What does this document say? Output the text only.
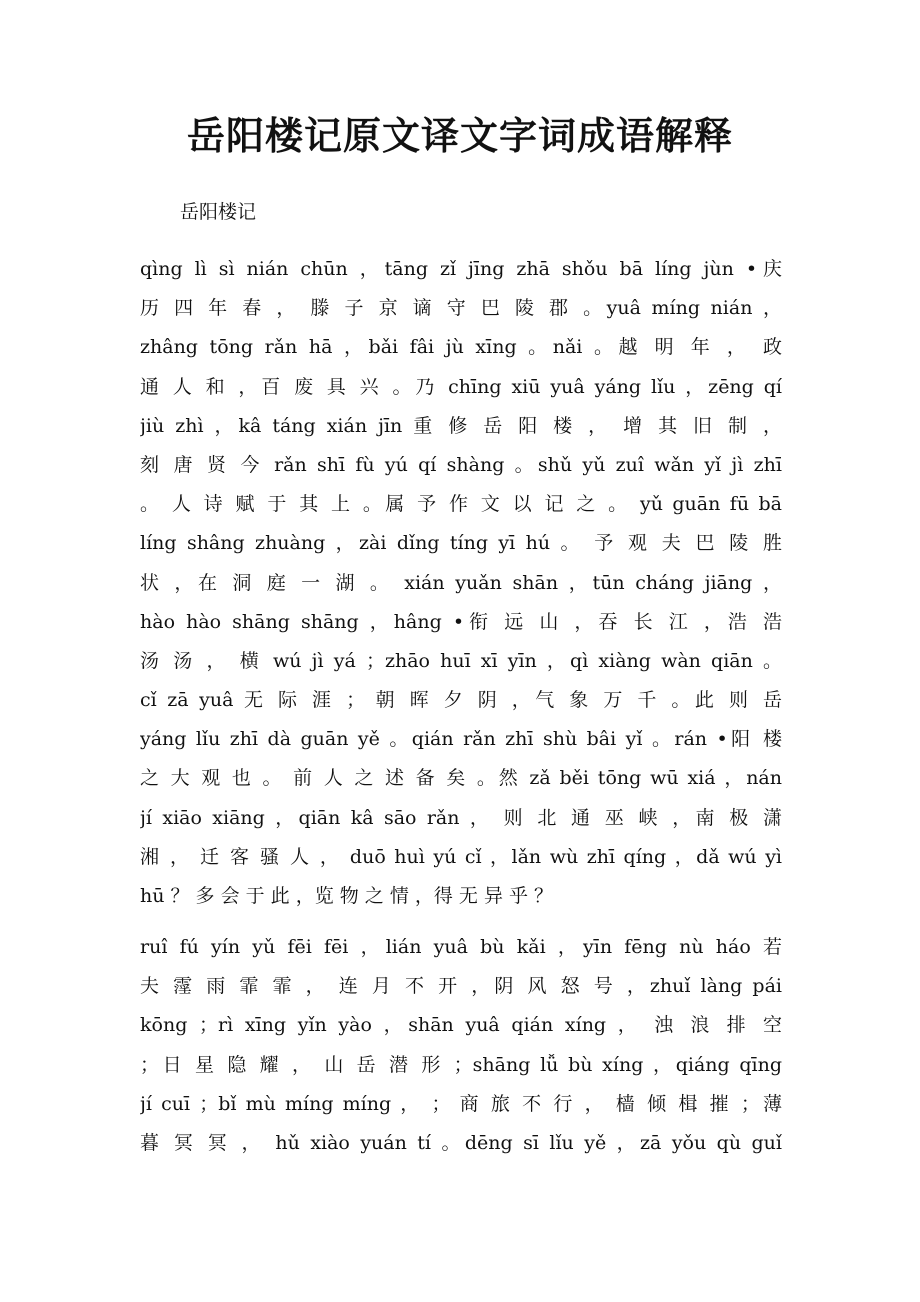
岳阳楼记原文译文字词成语解释
岳阳楼记
qìng lì sì nián chūn ，tāng zǐ jīng zhā shǒu bā líng jùn •庆
历 四 年 春 ， 滕 子 京 谪 守 巴 陵 郡 。yuâ míng nián ，
zhâng tōng rǎn hā ，bǎi fâi jù xīng 。nǎi 。越 明 年 ， 政
通 人 和 ，百 废 具 兴 。乃 chīng xiū yuâ yáng lǐu ，zēng qí
jiù zhì ，kâ táng xián jīn 重 修 岳 阳 楼 ， 增 其 旧 制 ，
刻 唐 贤 今 rǎn shī fù yú qí shàng 。shǔ yǔ zuî wǎn yǐ jì zhī
。 人 诗 赋 于 其 上 。属 予 作 文 以 记 之 。 yǔ guān fū bā
líng shâng zhuàng ，zài dǐng tíng yī hú 。 予 观 夫 巴 陵 胜
状 ，在 洞 庭 一 湖 。 xián yuǎn shān ，tūn cháng jiāng ，
hào hào shāng shāng ，hâng •衔 远 山 ，吞 长 江 ，浩 浩
汤 汤 ， 横 wú jì yá ；zhāo huī xī yīn ，qì xiàng wàn qiān 。
cǐ zā yuâ 无 际 涯 ； 朝 晖 夕 阴 ，气 象 万 千 。此 则 岳
yáng lǐu zhī dà guān yě 。qián rǎn zhī shù bâi yǐ 。rán •阳 楼
之 大 观 也 。 前 人 之 述 备 矣 。然 zǎ běi tōng wū xiá ，nán
jí xiāo xiāng ，qiān kâ sāo rǎn ， 则 北 通 巫 峡 ，南 极 潇
湘 ， 迁 客 骚 人 ， duō huì yú cǐ ，lǎn wù zhī qíng ，dǎ wú yì
hū ？ 多 会 于 此 ，览 物 之 情 ，得 无 异 乎 ？
ruî fú yín yǔ fēi fēi ，lián yuâ bù kǎi ，yīn fēng nù háo 若
夫 霪 雨 霏 霏 ， 连 月 不 开 ，阴 风 怒 号 ，zhuǐ làng pái
kōng ；rì xīng yǐn yào ，shān yuâ qián xíng ， 浊 浪 排 空
；日 星 隐 耀 ， 山 岳 潜 形 ；shāng lǚ bù xíng ，qiáng qīng
jí cuī ；bǐ mù míng míng ， ； 商 旅 不 行 ， 樯 倾 楫 摧 ；薄
暮 冥 冥 ， hǔ xiào yuán tí 。dēng sī lǐu yě ，zā yǒu qù guǐ
